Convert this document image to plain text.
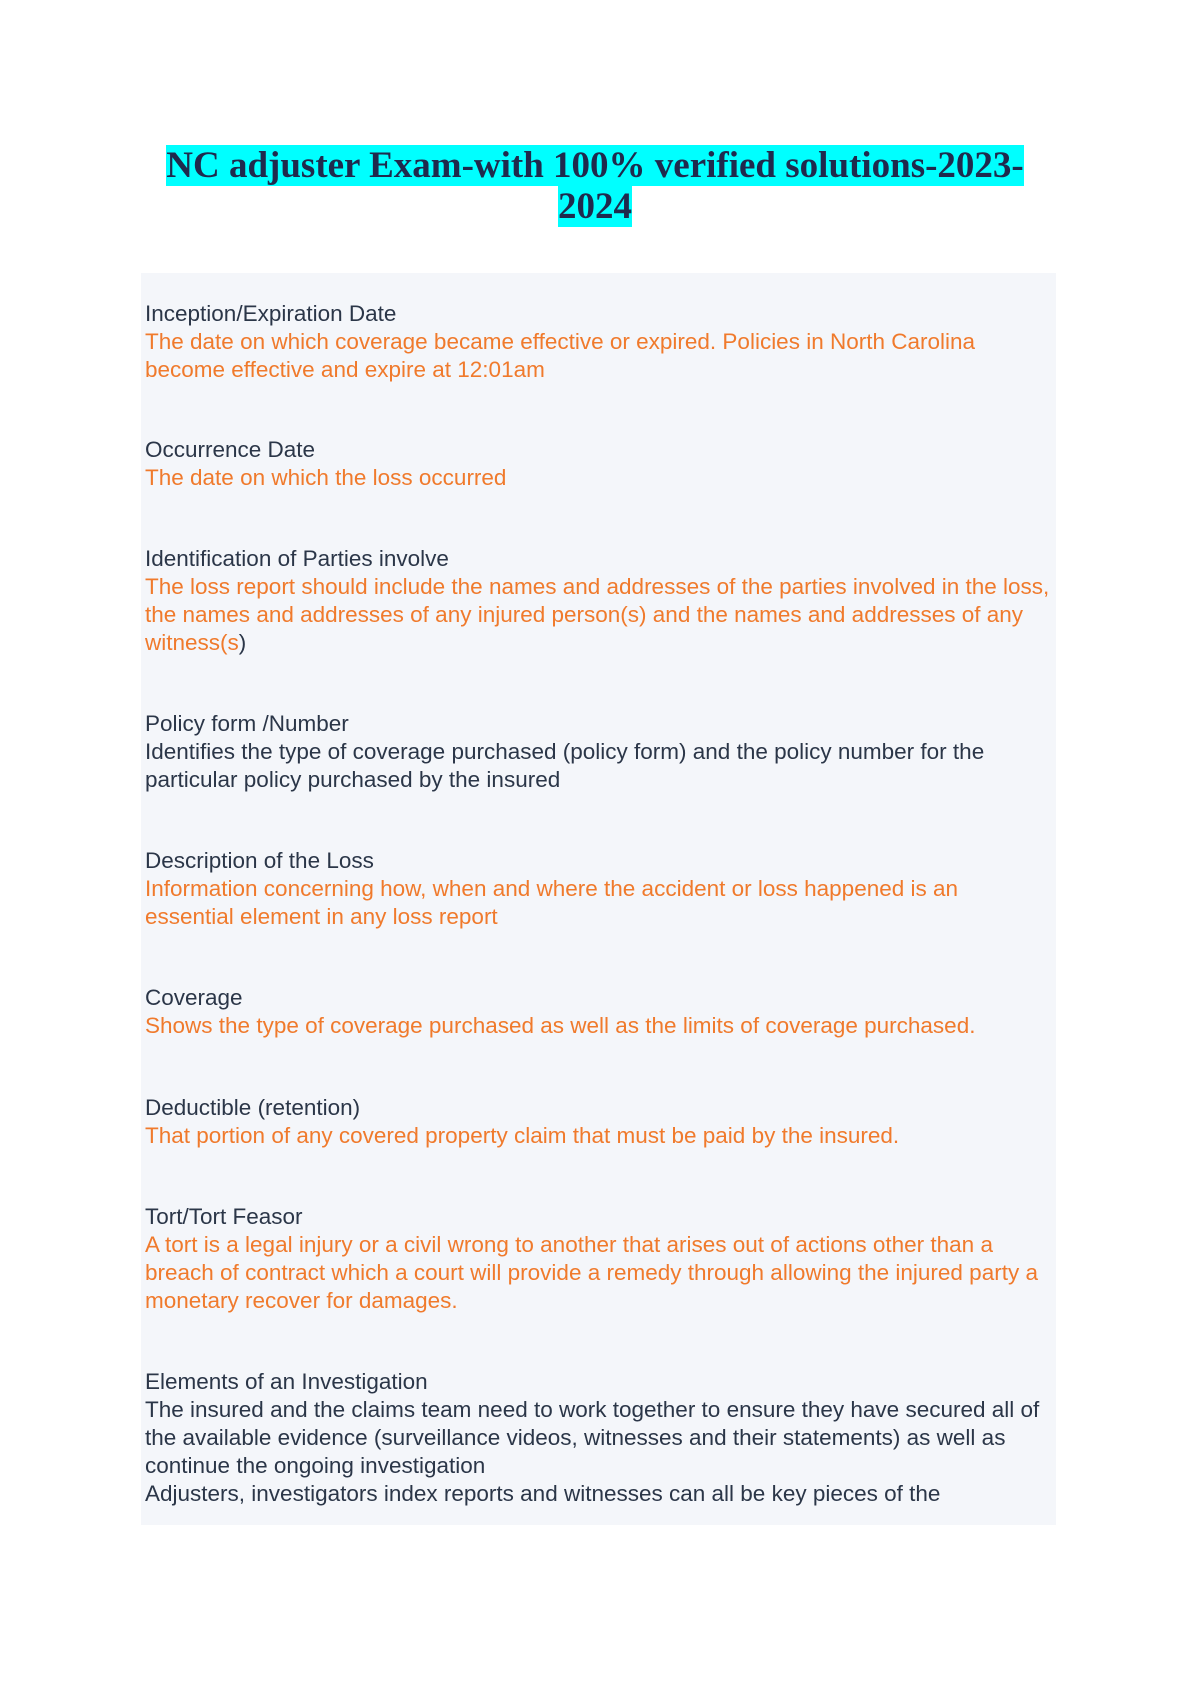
NC adjuster Exam-with 100% verified solutions-2023-
2024
Inception/Expiration Date
The date on which coverage became effective or expired. Policies in North Carolina become effective and expire at 12:01am
Occurrence Date
The date on which the loss occurred
Identification of Parties involve
The loss report should include the names and addresses of the parties involved in the loss, the names and addresses of any injured person(s) and the names and addresses of any witness(s)
Policy form /Number
Identifies the type of coverage purchased (policy form) and the policy number for the particular policy purchased by the insured
Description of the Loss
Information concerning how, when and where the accident or loss happened is an essential element in any loss report
Coverage
Shows the type of coverage purchased as well as the limits of coverage purchased.
Deductible (retention)
That portion of any covered property claim that must be paid by the insured.
Tort/Tort Feasor
A tort is a legal injury or a civil wrong to another that arises out of actions other than a breach of contract which a court will provide a remedy through allowing the injured party a monetary recover for damages.
Elements of an Investigation
The insured and the claims team need to work together to ensure they have secured all of the available evidence (surveillance videos, witnesses and their statements) as well as continue the ongoing investigation
Adjusters, investigators index reports and witnesses can all be key pieces of the
